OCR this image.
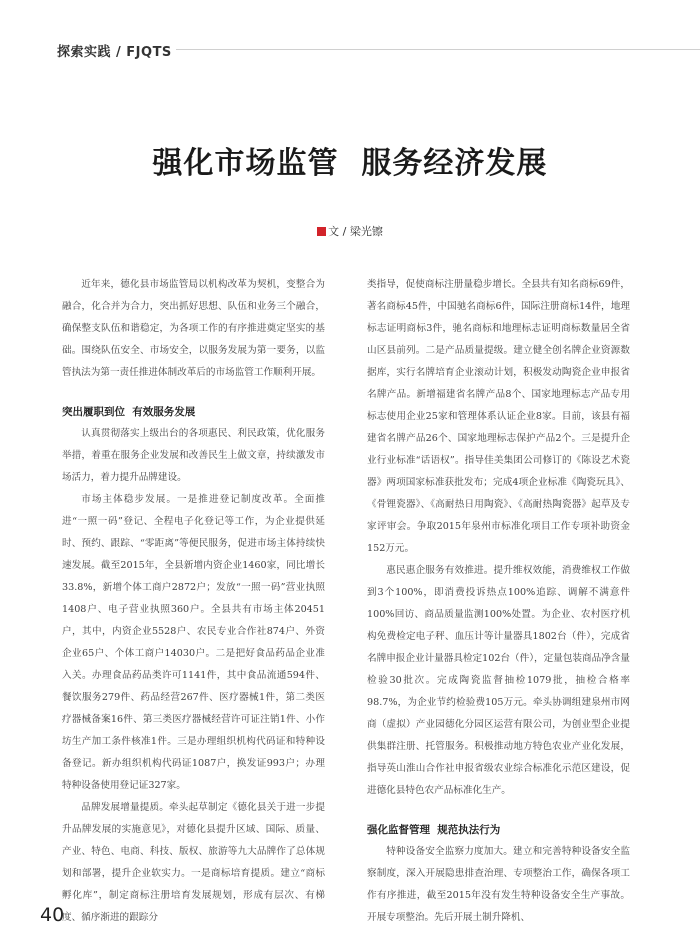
探索实践 / FJQTS
强化市场监管  服务经济发展
文 / 梁光镲

近年来，德化县市场监管局以机构改革为契机，变整合为融合，化合并为合力，突出抓好思想、队伍和业务三个融合，确保整支队伍和谐稳定，为各项工作的有序推进奠定坚实的基础。围绕队伍安全、市场安全，以服务发展为第一要务，以监管执法为第一责任推进体制改革后的市场监管工作顺利开展。

突出履职到位  有效服务发展

认真贯彻落实上级出台的各项惠民、利民政策，优化服务举措，着重在服务企业发展和改善民生上做文章，持续激发市场活力，着力提升品牌建设。

市场主体稳步发展。一是推进登记制度改革。全面推进“一照一码”登记、全程电子化登记等工作，为企业提供延时、预约、跟踪、“零距离”等便民服务，促进市场主体持续快速发展。截至2015年，全县新增内资企业1460家，同比增长33.8%，新增个体工商户2872户；发放“一照一码”营业执照1408户、电子营业执照360户。全县共有市场主体20451户，其中，内资企业5528户、农民专业合作社874户、外资企业65户、个体工商户14030户。二是把好食品药品企业准入关。办理食品药品类许可1141件，其中食品流通594件、餐饮服务279件、药品经营267件、医疗器械1件，第二类医疗器械备案16件、第三类医疗器械经营许可证注销1件、小作坊生产加工条件核准1件。三是办理组织机构代码证和特种设备登记。新办组织机构代码证1087户，换发证993户；办理特种设备使用登记证327家。

品牌发展增量提质。牵头起草制定《德化县关于进一步提升品牌发展的实施意见》，对德化县提升区域、国际、质量、产业、特色、电商、科技、版权、旅游等九大品牌作了总体规划和部署，提升企业软实力。一是商标培育提质。建立“商标孵化库”，制定商标注册培育发展规划，形成有层次、有梯度、循序渐进的跟踪分

类指导，促使商标注册量稳步增长。全县共有知名商标69件，著名商标45件，中国驰名商标6件，国际注册商标14件，地理标志证明商标3件，驰名商标和地理标志证明商标数量居全省山区县前列。二是产品质量提级。建立健全创名牌企业资源数据库，实行名牌培育企业滚动计划，积极发动陶瓷企业申报省名牌产品。新增福建省名牌产品8个、国家地理标志产品专用标志使用企业25家和管理体系认证企业8家。目前，该县有福建省名牌产品26个、国家地理标志保护产品2个。三是提升企业行业标准“话语权”。指导佳美集团公司修订的《陈设艺术瓷器》两项国家标准获批发布；完成4项企业标准《陶瓷玩具》、《骨锂瓷器》、《高耐热日用陶瓷》、《高耐热陶瓷器》起草及专家评审会。争取2015年泉州市标准化项目工作专项补助资金152万元。

惠民惠企服务有效推进。提升维权效能，消费维权工作做到3个100%，即消费投诉热点100%追踪、调解不满意件100%回访、商品质量监测100%处置。为企业、农村医疗机构免费检定电子秤、血压计等计量器具1802台（件），完成省名牌申报企业计量器具检定102台（件），定量包装商品净含量检验30批次。完成陶瓷监督抽检1079批，抽检合格率98.7%，为企业节约检验费105万元。牵头协调组建泉州市网商（虚拟）产业园德化分园区运营有限公司，为创业型企业提供集群注册、托管服务。积极推动地方特色农业产业化发展，指导英山淮山合作社申报省级农业综合标准化示范区建设，促进德化县特色农产品标准化生产。

强化监督管理  规范执法行为

特种设备安全监察力度加大。建立和完善特种设备安全监察制度，深入开展隐患排查治理、专项整治工作，确保各项工作有序推进，截至2015年没有发生特种设备安全生产事故。开展专项整治。先后开展土制升降机、

40
